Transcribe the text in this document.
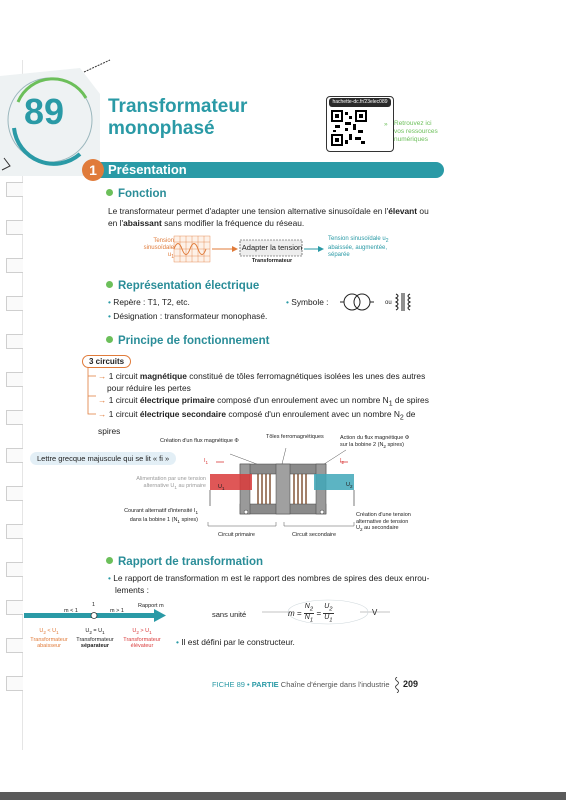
89 Transformateur
monophasé
hachette-dc.fr/23elec089
» Retrouvez ici
vos ressources
numériques
1 Présentation
Fonction
Le transformateur permet d'adapter une tension alternative sinusoïdale en l'élevant ou
en l'abaissant sans modifier la fréquence du réseau.
Tension
sinusoïdale $u_1$
Adapter la tension
Transformateur
Tension sinusoïdale $u_2$
abaissée, augmentée,
séparée
Représentation électrique
• Repère : T1, T2, etc.
• Désignation : transformateur monophasé.
• Symbole :	ou
Principe de fonctionnement
3 circuits
→ 1 circuit magnétique constitué de tôles ferromagnétiques isolées les unes des autres
pour réduire les pertes
→ 1 circuit électrique primaire composé d'un enroulement avec un nombre $N_1$ de spires
→ 1 circuit électrique secondaire composé d'un enroulement avec un nombre $N_2$ de spires
Création d'un flux magnétique Φ
Tôles ferromagnétiques	Action du flux magnétique Φ
sur la bobine 2 ($N_2$ spires)
Lettre grecque majuscule qui se lit « fi »	$I_1$	$I_2$
$U_1$
$U_2$
Alimentation par une tension
alternative $U_1$ au primaire
Courant alternatif d'intensité $I_1$
dans la bobine 1 ($N_1$ spires)
Création d'une tension
alternative de tension
$U_2$ au secondaire
Circuit primaire	Circuit secondaire
Rapport de transformation
• Le rapport de transformation m est le rapport des nombres de spires des deux enrou-
lements :
1	Rapport m
m < 1	m > 1
$U_2 < U_1$
Transformateur
abaisseur
$U_2 = U_1$
Transformateur
séparateur
$U_2 > U_1$
Transformateur
élévateur
sans unité	$m = \frac{N_2}{N_1} = \frac{U_2}{U_1}$	V
• Il est défini par le constructeur.
FICHE 89 • PARTIE Chaîne d'énergie dans l'industrie 209
